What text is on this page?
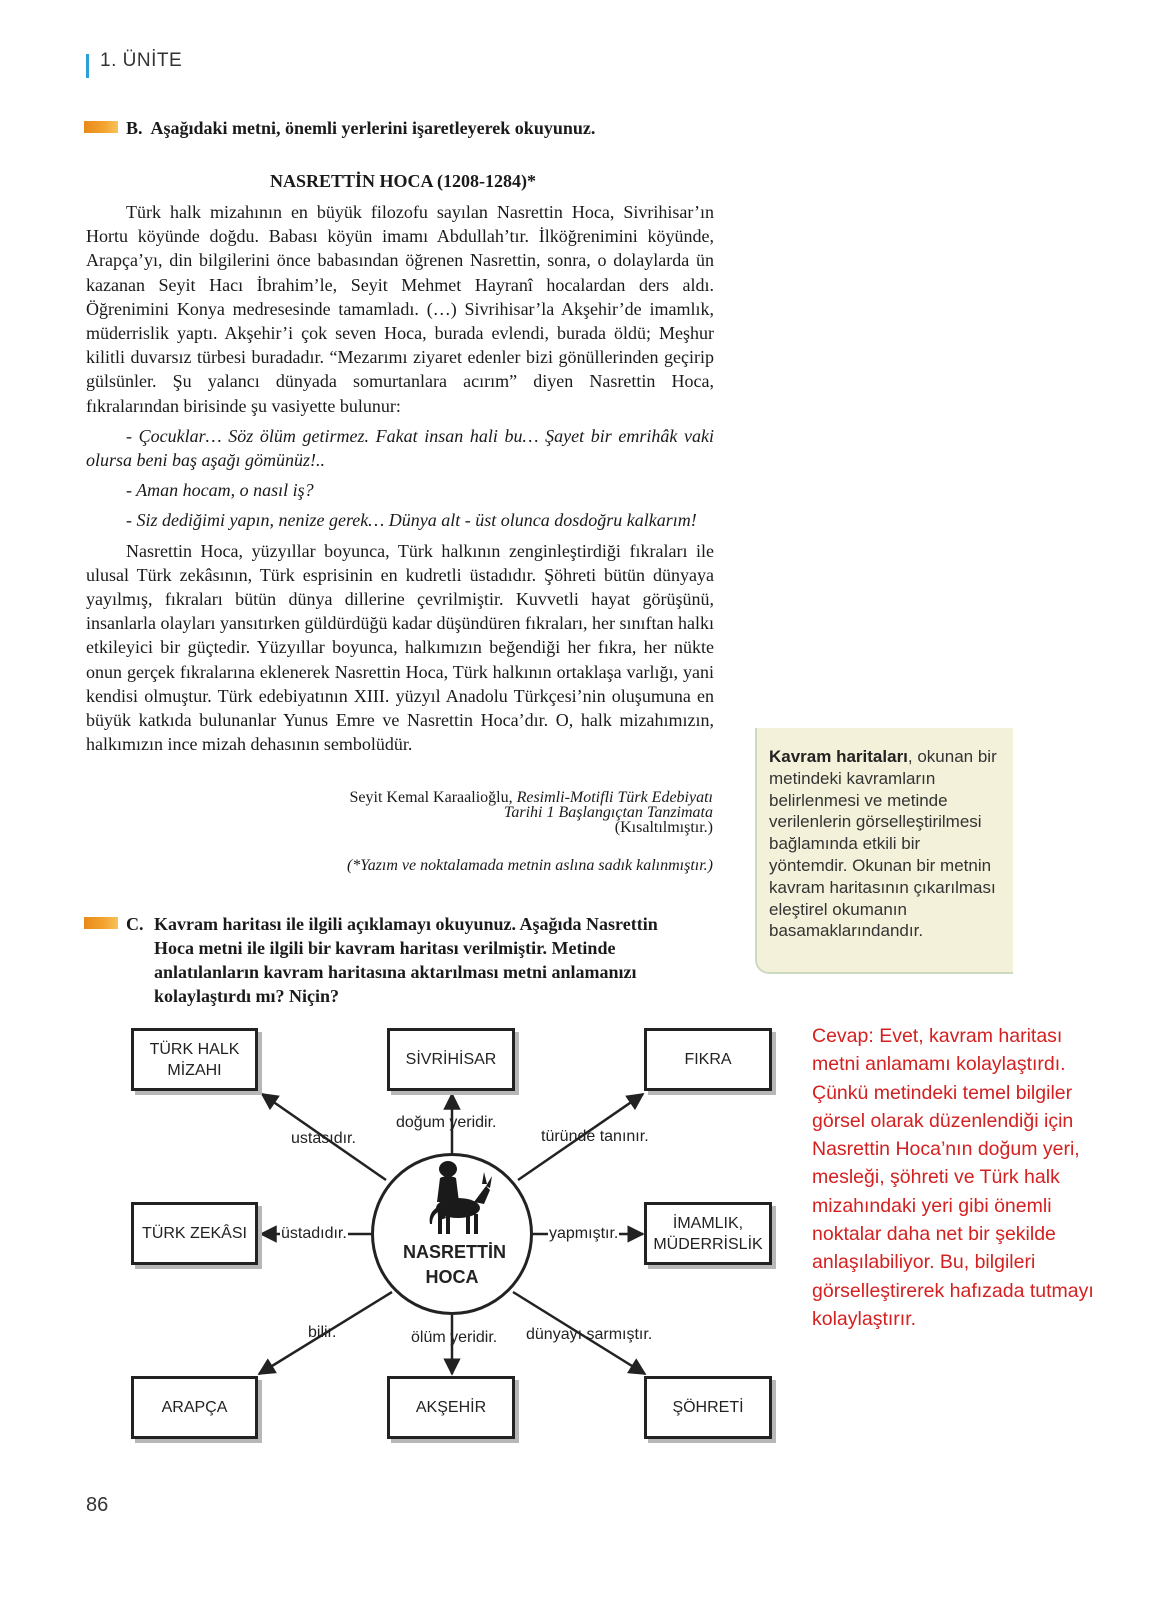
1. ÜNİTE
B. Aşağıdaki metni, önemli yerlerini işaretleyerek okuyunuz.
NASRETTİN HOCA (1208-1284)*

Türk halk mizahının en büyük filozofu sayılan Nasrettin Hoca, Sivrihisar’ın Hortu köyünde doğdu. Babası köyün imamı Abdullah’tır. İlköğrenimini köyünde, Arapça’yı, din bilgilerini önce babasından öğrenen Nasrettin, sonra, o dolaylarda ün kazanan Seyit Hacı İbrahim’le, Seyit Mehmet Hayranî hocalardan ders aldı. Öğrenimini Konya medresesinde tamamladı. (…) Sivrihisar’la Akşehir’de imamlık, müderrislik yaptı. Akşehir’i çok seven Hoca, burada evlendi, burada öldü; Meşhur kilitli duvarsız türbesi buradadır. “Mezarımı ziyaret edenler bizi gönüllerinden geçirip gülsünler. Şu yalancı dünyada somurtanlara acırım” diyen Nasrettin Hoca, fıkralarından birisinde şu vasiyette bulunur:

- Çocuklar… Söz ölüm getirmez. Fakat insan hali bu… Şayet bir emrihâk vaki olursa beni baş aşağı gömünüz!..

- Aman hocam, o nasıl iş?

- Siz dediğimi yapın, nenize gerek… Dünya alt - üst olunca dosdoğru kalkarım!

Nasrettin Hoca, yüzyıllar boyunca, Türk halkının zenginleştirdiği fıkraları ile ulusal Türk zekâsının, Türk esprisinin en kudretli üstadıdır. Şöhreti bütün dünyaya yayılmış, fıkraları bütün dünya dillerine çevrilmiştir. Kuvvetli hayat görüşünü, insanlarla olayları yansıtırken güldürdüğü kadar düşündüren fıkraları, her sınıftan halkı etkileyici bir güçtedir. Yüzyıllar boyunca, halkımızın beğendiği her fıkra, her nükte onun gerçek fıkralarına eklenerek Nasrettin Hoca, Türk halkının ortaklaşa varlığı, yani kendisi olmuştur. Türk edebiyatının XIII. yüzyıl Anadolu Türkçesi’nin oluşumuna en büyük katkıda bulunanlar Yunus Emre ve Nasrettin Hoca’dır. O, halk mizahımızın, halkımızın ince mizah dehasının sembolüdür.

Seyit Kemal Karaalioğlu, Resimli-Motifli Türk Edebiyatı
Tarihi 1 Başlangıçtan Tanzimata
(Kısaltılmıştır.)
(*Yazım ve noktalamada metnin aslına sadık kalınmıştır.)
Kavram haritaları, okunan bir metindeki kavramların belirlenmesi ve metinde verilenlerin görselleştirilmesi bağlamında etkili bir yöntemdir. Okunan bir metnin kavram haritasının çıkarılması eleştirel okumanın basamaklarındandır.
C. Kavram haritası ile ilgili açıklamayı okuyunuz. Aşağıda Nasrettin Hoca metni ile ilgili bir kavram haritası verilmiştir. Metinde anlatılanların kavram haritasına aktarılması metni anlamanızı kolaylaştırdı mı? Niçin?
NASRETTİN HOCA
TÜRK HALK MİZAHI
SİVRİHİSAR	FIKRA
TÜRK ZEKÂSI
İMAMLIK, MÜDERRİSLİK
ARAPÇA	AKŞEHİR	ŞÖHRETİ
ustasıdır.
doğum yeridir.
türünde tanınır.
üstadıdır.	yapmıştır.
bilir.	ölüm yeridir. dünyayı sarmıştır.
Cevap: Evet, kavram haritası metni anlamamı kolaylaştırdı. Çünkü metindeki temel bilgiler görsel olarak düzenlendiği için Nasrettin Hoca’nın doğum yeri, mesleği, şöhreti ve Türk halk mizahındaki yeri gibi önemli noktalar daha net bir şekilde anlaşılabiliyor. Bu, bilgileri görselleştirerek hafızada tutmayı kolaylaştırır.
86
